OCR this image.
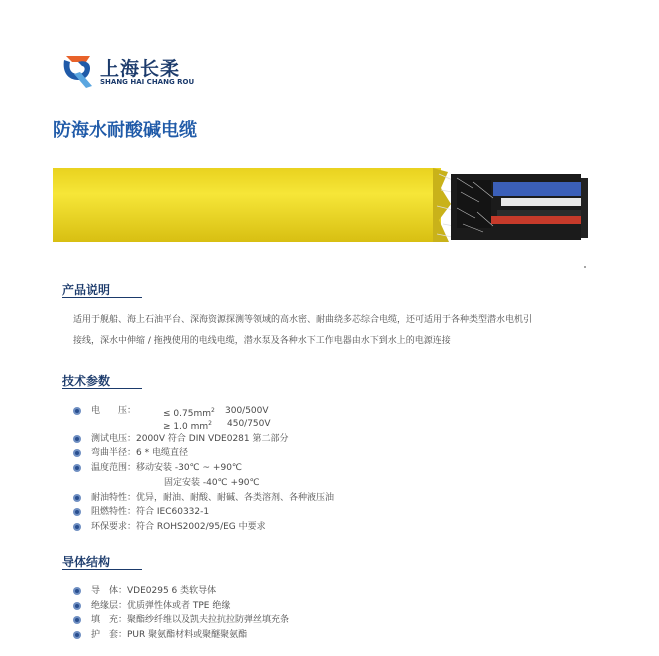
上海长柔
SHANG HAI CHANG ROU
防海水耐酸碱电缆
产品说明
适用于舰船、海上石油平台、深海资源探测等领域的高水密、耐曲绕多芯综合电缆，还可适用于各种类型潜水电机引
接线，深水中伸缩 / 拖拽使用的电线电缆，潜水泵及各种水下工作电器由水下到水上的电源连接
技术参数
电　　压：	≤ $0.75mm^2$ 300/500V
≥ 1.0 $mm^2$ 450/750V
测试电压：2000V 符合 DIN VDE0281 第二部分
弯曲半径：6 * 电缆直径
温度范围：移动安装 -30℃ ~ +90℃
固定安装 -40℃ +90℃
耐油特性：优异，耐油、耐酸、耐碱、各类溶剂、各种液压油
阻燃特性：符合 IEC60332-1
环保要求：符合 ROHS2002/95/EG 中要求
导体结构
导　体：VDE0295 6 类软导体
绝缘层：优质弹性体或者 TPE 绝缘
填　充：聚酯纱纤维以及凯夫拉抗拉防弹丝填充条
护　套：PUR 聚氨酯材料或聚醚聚氨酯
